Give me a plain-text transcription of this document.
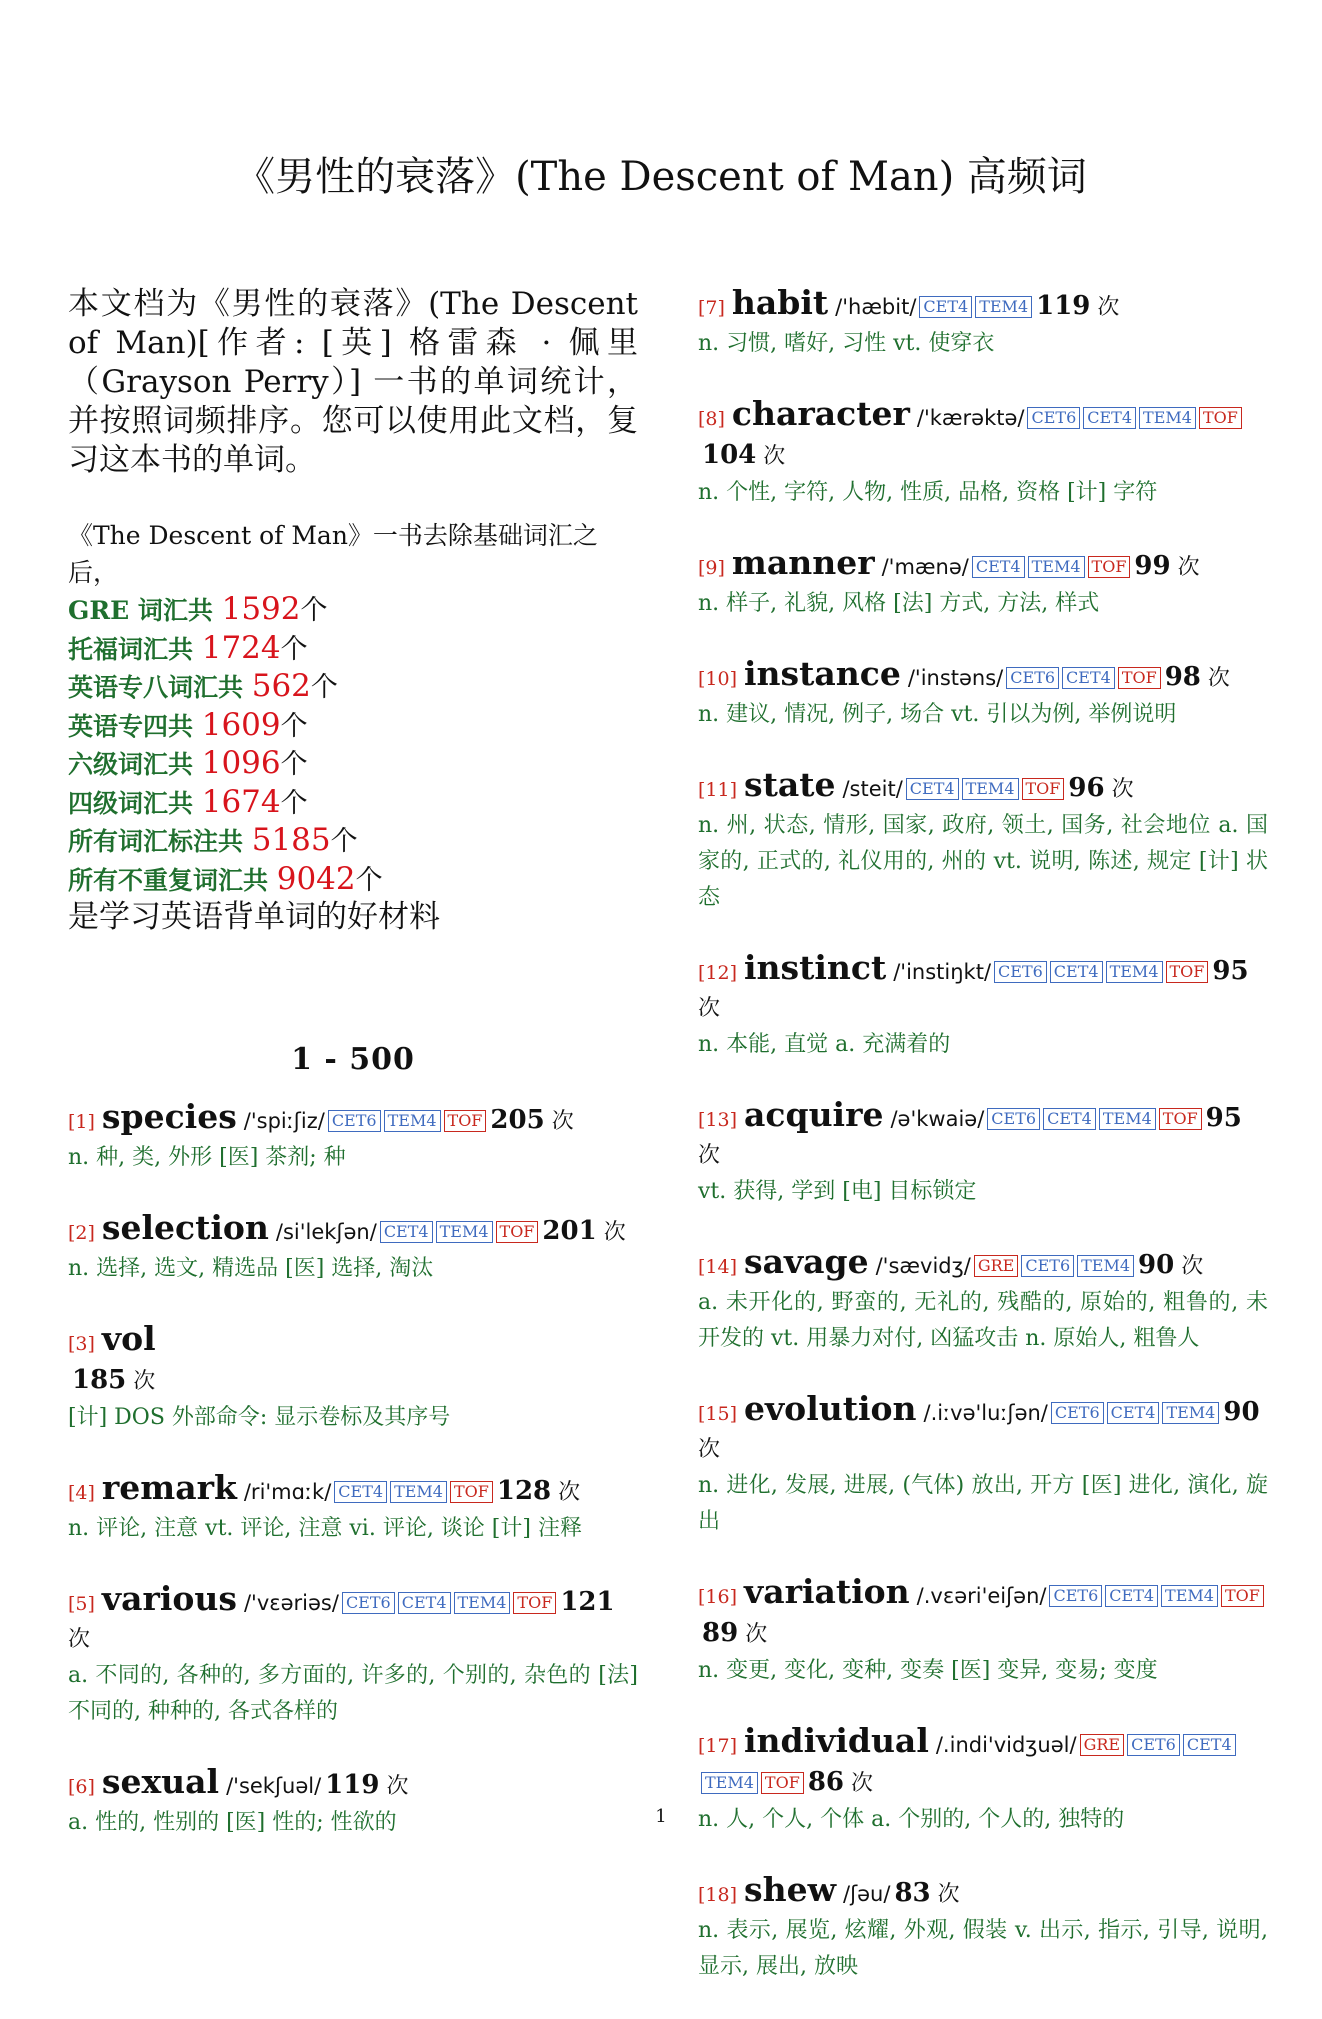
《男性的衰落》(The Descent of Man) 高频词
本文档为《男性的衰落》(The Descent of Man)[作者: [英] 格雷森 · 佩里（Grayson Perry）] 一书的单词统计，并按照词频排序。您可以使用此文档，复习这本书的单词。
《The Descent of Man》一书去除基础词汇之后，
GRE 词汇共 1592个
托福词汇共 1724个
英语专八词汇共 562个
英语专四共 1609个
六级词汇共 1096个
四级词汇共 1674个
所有词汇标注共 5185个
所有不重复词汇共 9042个
是学习英语背单词的好材料
1 - 500
[1] species /'spiːʃiz/ CET6 TEM4 TOF 205 次
n. 种, 类, 外形 [医] 茶剂; 种
[2] selection /si'lekʃən/ CET4 TEM4 TOF 201 次
n. 选择, 选文, 精选品 [医] 选择, 淘汰
[3] vol
185 次
[计] DOS 外部命令: 显示卷标及其序号
[4] remark /ri'mɑːk/ CET4 TEM4 TOF 128 次
n. 评论, 注意 vt. 评论, 注意 vi. 评论, 谈论 [计] 注释
[5] various /'vɛəriəs/ CET6 CET4 TEM4 TOF 121 次
a. 不同的, 各种的, 多方面的, 许多的, 个别的, 杂色的 [法] 不同的, 种种的, 各式各样的
[6] sexual /'sekʃuəl/ 119 次
a. 性的, 性别的 [医] 性的; 性欲的
[7] habit /'hæbit/ CET4 TEM4 119 次
n. 习惯, 嗜好, 习性 vt. 使穿衣
[8] character /'kærəktə/ CET6 CET4 TEM4 TOF104 次
n. 个性, 字符, 人物, 性质, 品格, 资格 [计] 字符
[9] manner /'mænə/ CET4 TEM4 TOF 99 次
n. 样子, 礼貌, 风格 [法] 方式, 方法, 样式
[10] instance /'instəns/ CET6 CET4 TOF 98 次
n. 建议, 情况, 例子, 场合 vt. 引以为例, 举例说明
[11] state /steit/ CET4 TEM4 TOF 96 次
n. 州, 状态, 情形, 国家, 政府, 领土, 国务, 社会地位 a. 国家的, 正式的, 礼仪用的, 州的 vt. 说明, 陈述, 规定 [计] 状态
[12] instinct /'instiŋkt/ CET6 CET4 TEM4 TOF 95 次
n. 本能, 直觉 a. 充满着的
[13] acquire /ə'kwaiə/ CET6 CET4 TEM4 TOF 95 次
vt. 获得, 学到 [电] 目标锁定
[14] savage /'sævidʒ/ GRE CET6 TEM4 90 次
a. 未开化的, 野蛮的, 无礼的, 残酷的, 原始的, 粗鲁的, 未开发的 vt. 用暴力对付, 凶猛攻击 n. 原始人, 粗鲁人
[15] evolution /.iːvə'luːʃən/ CET6 CET4 TEM4 90 次
n. 进化, 发展, 进展, (气体) 放出, 开方 [医] 进化, 演化, 旋出
[16] variation /.vɛəri'eiʃən/ CET6 CET4 TEM4 TOF89 次
n. 变更, 变化, 变种, 变奏 [医] 变异, 变易; 变度
[17] individual /.indi'vidʒuəl/ GRE CET6 CET4TEM4 TOF 86 次
n. 人, 个人, 个体 a. 个别的, 个人的, 独特的
[18] shew /ʃəu/ 83 次
n. 表示, 展览, 炫耀, 外观, 假装 v. 出示, 指示, 引导, 说明, 显示, 展出, 放映
1
